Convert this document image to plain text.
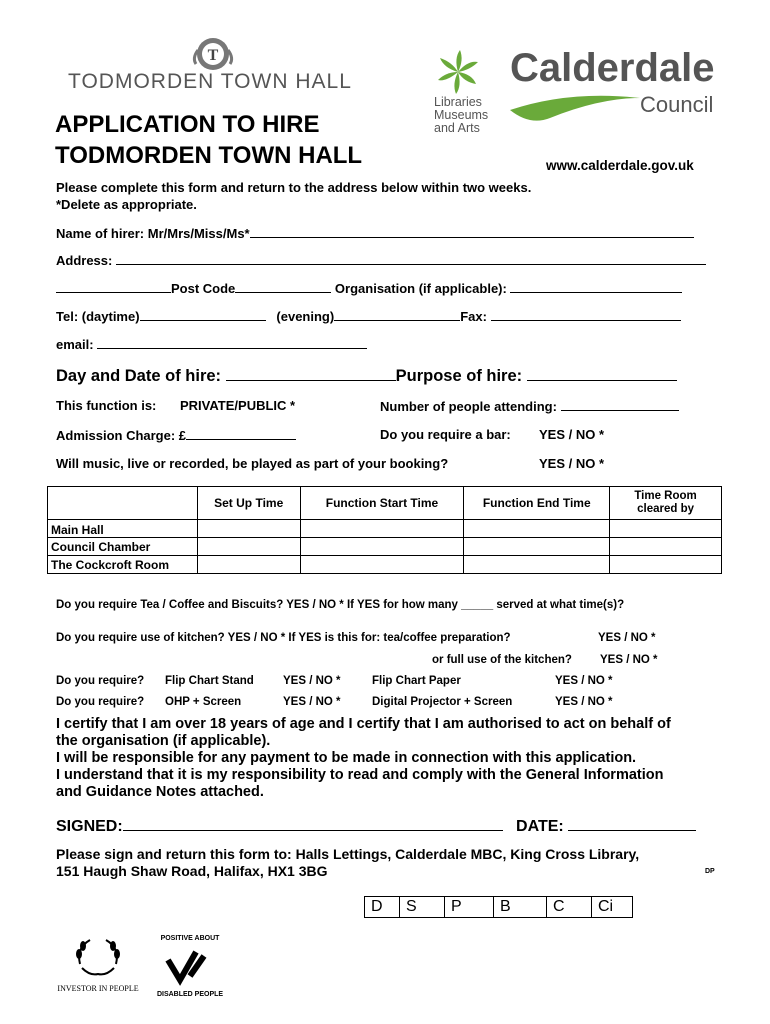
T
TODMORDEN TOWN HALL
APPLICATION TO HIRE
TODMORDEN TOWN HALL
Libraries
Museums
and Arts
Calderdale
Council
www.calderdale.gov.uk
Please complete this form and return to the address below within two weeks.
*Delete as appropriate.
Name of hirer: Mr/Mrs/Miss/Ms*
Address:
Post Code	Organisation (if applicable):
Tel: (daytime)	(evening)	Fax:
email:
Day and Date of hire:	Purpose of hire:
This function is: PRIVATE/PUBLIC *	Number of people attending:
Admission Charge: £	Do you require a bar: YES / NO *
Will music, live or recorded, be played as part of your booking?	YES / NO *
	Set Up Time	Function Start Time	Function End Time	Time Room cleared by
Main Hall				
Council Chamber				
The Cockcroft Room				
Do you require Tea / Coffee and Biscuits? YES / NO * If YES for how many _____ served at what time(s)?
Do you require use of kitchen? YES / NO * If YES is this for: tea/coffee preparation?	YES / NO *
or full use of the kitchen? YES / NO *
Do you require? Flip Chart Stand	YES / NO *	Flip Chart Paper	YES / NO *
Do you require? OHP + Screen	YES / NO *	Digital Projector + Screen	YES / NO *
I certify that I am over 18 years of age and I certify that I am authorised to act on behalf of
the organisation (if applicable).
I will be responsible for any payment to be made in connection with this application.
I understand that it is my responsibility to read and comply with the General Information
and Guidance Notes attached.
SIGNED:	DATE:
Please sign and return this form to: Halls Lettings, Calderdale MBC, King Cross Library,
151 Haugh Shaw Road, Halifax, HX1 3BG	DP
D	S	P	B	C	Ci
INVESTOR IN PEOPLE
POSITIVE ABOUT
DISABLED PEOPLE
